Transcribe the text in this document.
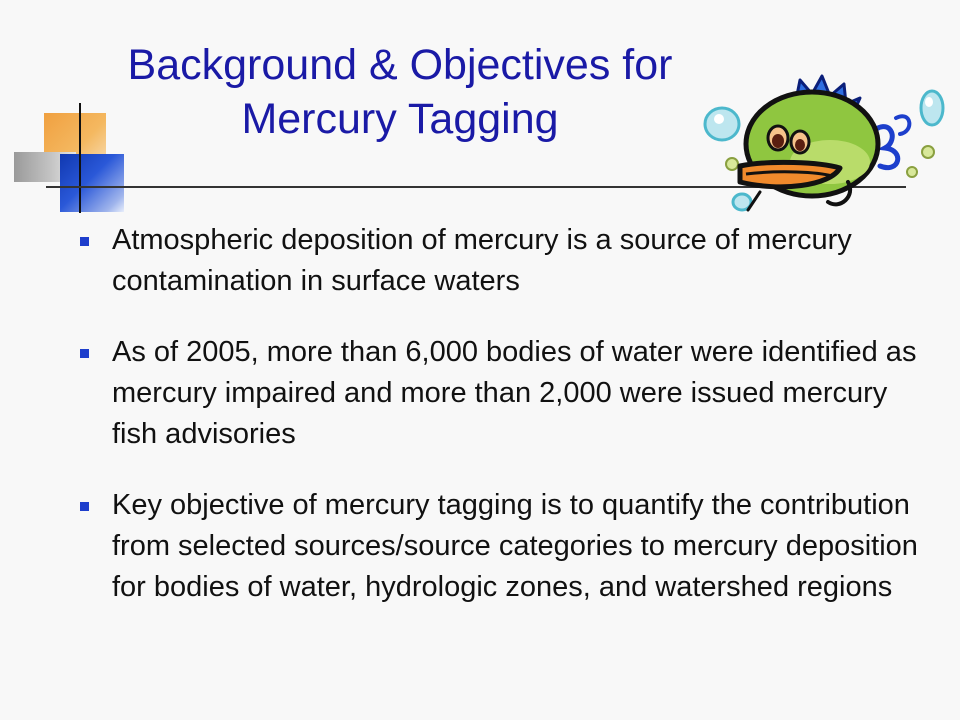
Background & Objectives for
Mercury Tagging
Atmospheric deposition of mercury is a source of mercury contamination in surface waters
As of 2005, more than 6,000 bodies of water were identified as mercury impaired and more than 2,000 were issued mercury fish advisories
Key objective of mercury tagging is to quantify the contribution from selected sources/source categories to mercury deposition for bodies of water, hydrologic zones, and watershed regions
